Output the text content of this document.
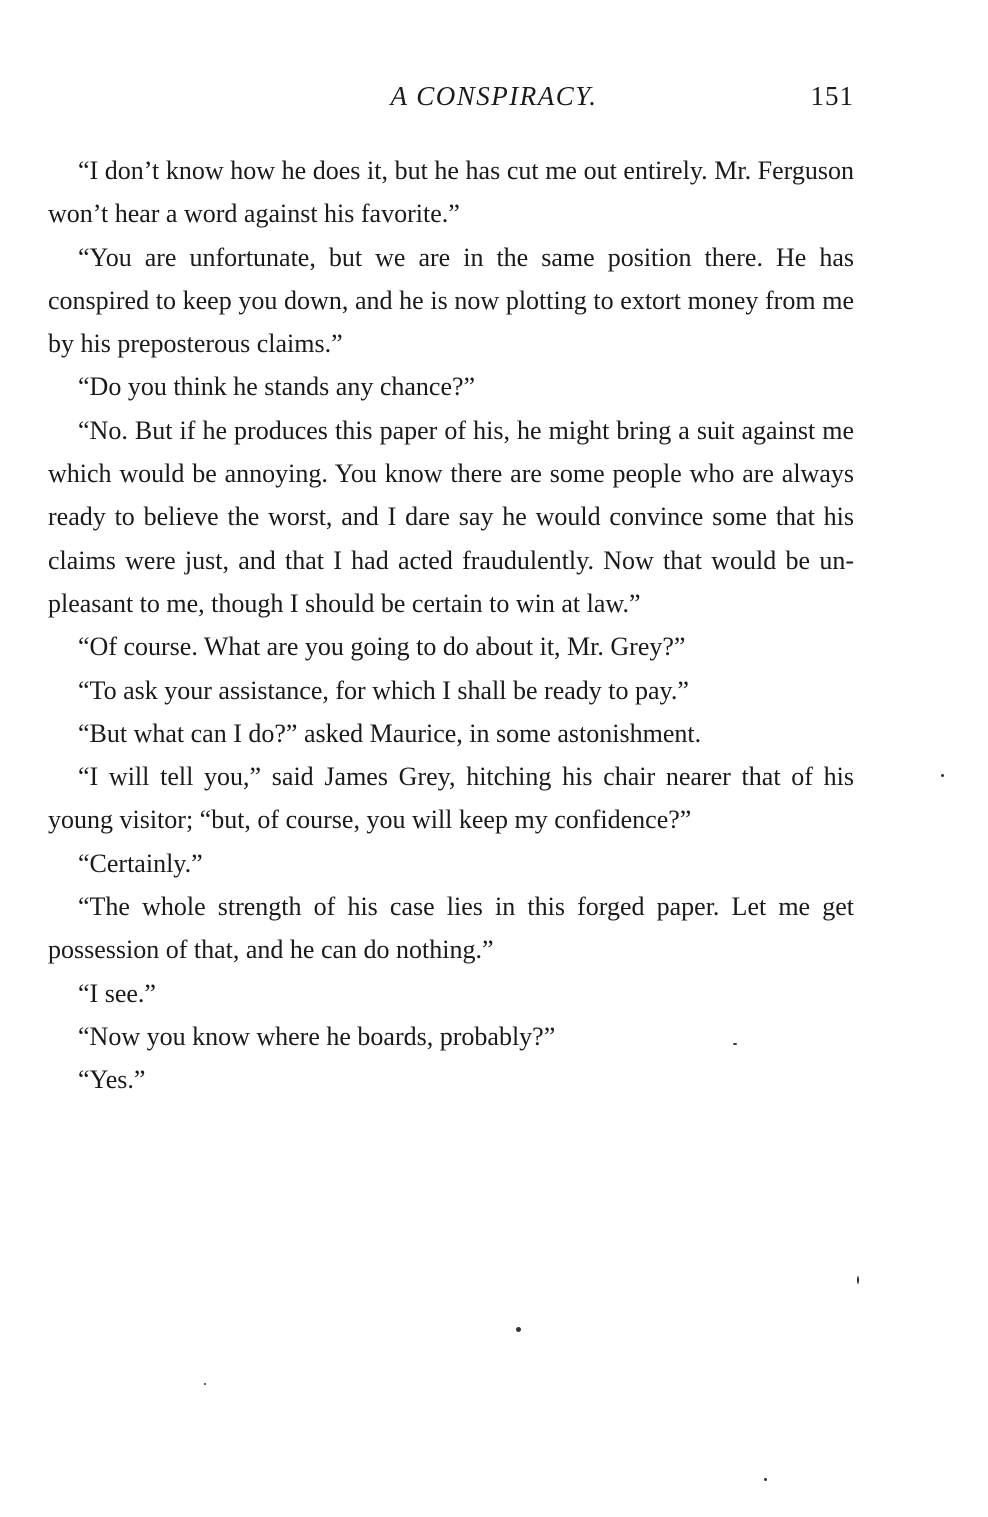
A CONSPIRACY.	151

“I don’t know how he does it, but he has cut me out entirely. Mr. Ferguson won’t hear a word against his favorite.”

“You are unfortunate, but we are in the same position there. He has conspired to keep you down, and he is now plotting to extort money from me by his preposterous claims.”

“Do you think he stands any chance?”

“No. But if he produces this paper of his, he might bring a suit against me which would be annoying. You know there are some people who are always ready to believe the worst, and I dare say he would convince some that his claims were just, and that I had acted fraudulently. Now that would be unpleasant to me, though I should be certain to win at law.”

“Of course. What are you going to do about it, Mr. Grey?”

“To ask your assistance, for which I shall be ready to pay.”

“But what can I do?” asked Maurice, in some astonishment.

“I will tell you,” said James Grey, hitching his chair nearer that of his young visitor; “but, of course, you will keep my confidence?”

“Certainly.”

“The whole strength of his case lies in this forged paper. Let me get possession of that, and he can do nothing.”

“I see.”

“Now you know where he boards, probably?”

“Yes.”
